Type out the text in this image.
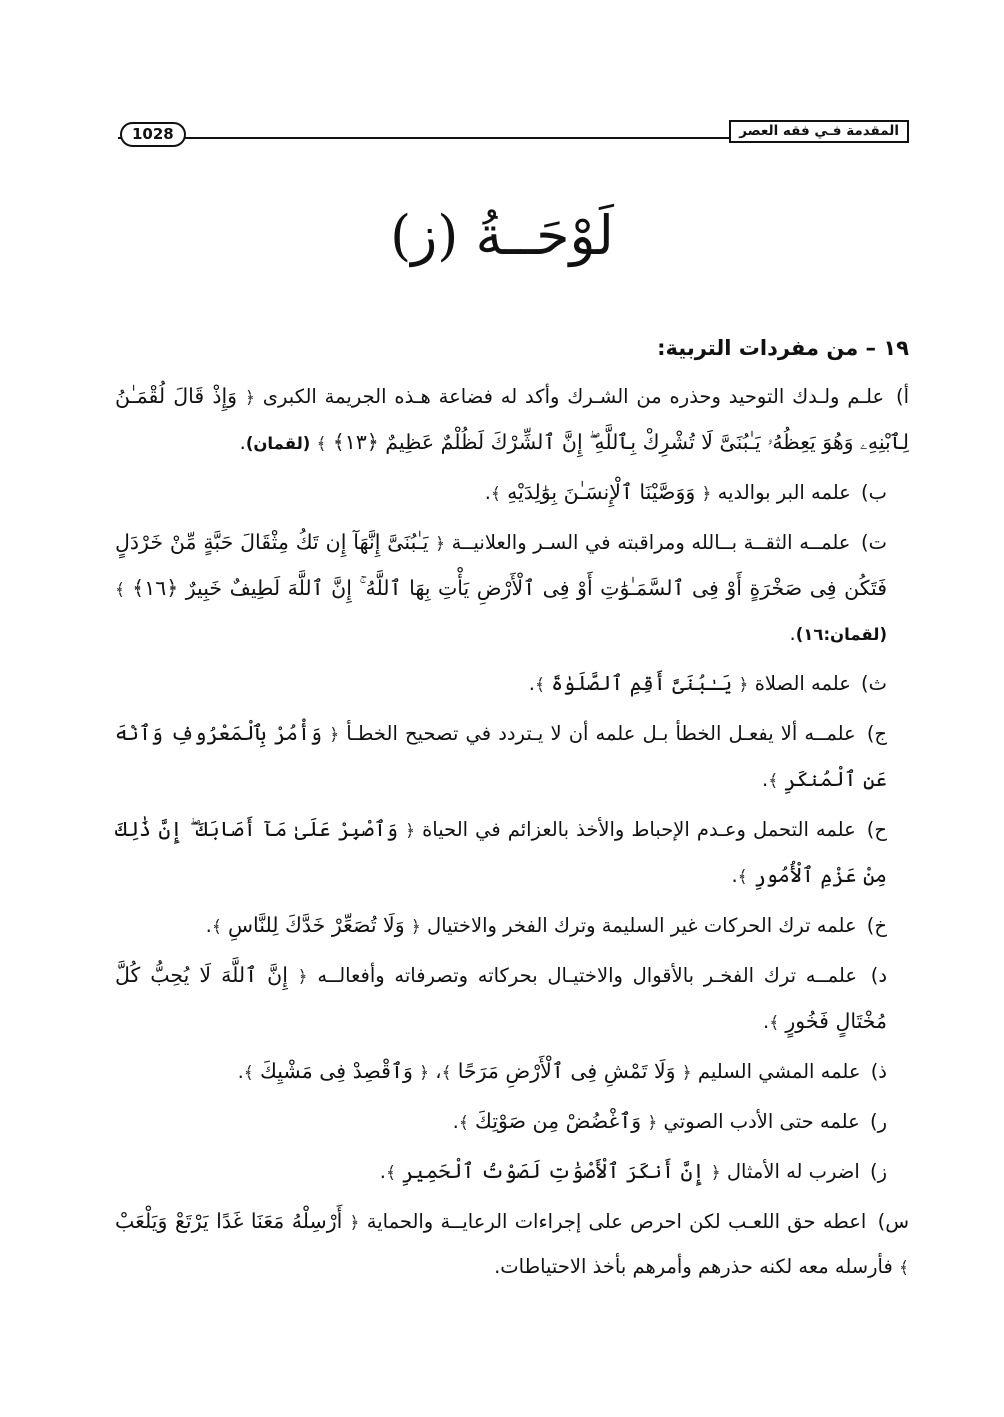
المقدمة فـي فقه العصر
1028
لَوْحَــةُ (ز)
١٩ – من مفردات التربية:

أ) علـم ولـدك التوحيد وحذره من الشـرك وأكد له فضاعة هـذه الجريمة الكبرى ﴿ وَإِذْ قَالَ لُقْمَـٰنُ لِٱبْنِهِۦ وَهُوَ يَعِظُهُۥ يَـٰبُنَىَّ لَا تُشْرِكْ بِٱللَّهِ ۖ إِنَّ ٱلشِّرْكَ لَظُلْمٌ عَظِيمٌ ﴿١٣﴾ ﴾ (لقمان).

ب) علمه البر بوالديه ﴿ وَوَصَّيْنَا ٱلْإِنسَـٰنَ بِوَٰلِدَيْهِ ﴾.

ت) علمــه الثقــة بــالله ومراقبته في السـر والعلانيــة ﴿ يَـٰبُنَىَّ إِنَّهَآ إِن تَكُ مِثْقَالَ حَبَّةٍ مِّنْ خَرْدَلٍ فَتَكُن فِى صَخْرَةٍ أَوْ فِى ٱلسَّمَـٰوَٰتِ أَوْ فِى ٱلْأَرْضِ يَأْتِ بِهَا ٱللَّهُ ۚ إِنَّ ٱللَّهَ لَطِيفٌ خَبِيرٌ ﴿١٦﴾ ﴾ (لقمان:١٦).

ث) علمه الصلاة ﴿ يَـٰبُنَىَّ أَقِمِ ٱلصَّلَوٰةَ ﴾.

ج) علمــه ألا يفعـل الخطأ بـل علمه أن لا يـتردد في تصحيح الخطـأ ﴿ وَأْمُرْ بِٱلْمَعْرُوفِ وَٱنْهَ عَنِ ٱلْمُنكَرِ ﴾.

ح) علمه التحمل وعـدم الإحباط والأخذ بالعزائم في الحياة ﴿ وَٱصْبِرْ عَلَىٰ مَآ أَصَابَكَ ۖ إِنَّ ذَٰلِكَ مِنْ عَزْمِ ٱلْأُمُورِ ﴾.

خ) علمه ترك الحركات غير السليمة وترك الفخر والاختيال ﴿ وَلَا تُصَعِّرْ خَدَّكَ لِلنَّاسِ ﴾.

د) علمــه ترك الفخـر بالأقوال والاختيـال بحركاته وتصرفاته وأفعالــه ﴿ إِنَّ ٱللَّهَ لَا يُحِبُّ كُلَّ مُخْتَالٍ فَخُورٍ ﴾.

ذ) علمه المشي السليم ﴿ وَلَا تَمْشِ فِى ٱلْأَرْضِ مَرَحًا ﴾، ﴿ وَٱقْصِدْ فِى مَشْيِكَ ﴾.

ر) علمه حتى الأدب الصوتي ﴿ وَٱغْضُضْ مِن صَوْتِكَ ﴾.

ز) اضرب له الأمثال ﴿ إِنَّ أَنكَرَ ٱلْأَصْوَٰتِ لَصَوْتُ ٱلْحَمِيرِ ﴾.

س) اعطه حق اللعـب لكن احرص على إجراءات الرعايــة والحماية ﴿ أَرْسِلْهُ مَعَنَا غَدًا يَرْتَعْ وَيَلْعَبْ ﴾ فأرسله معه لكنه حذرهم وأمرهم بأخذ الاحتياطات.
